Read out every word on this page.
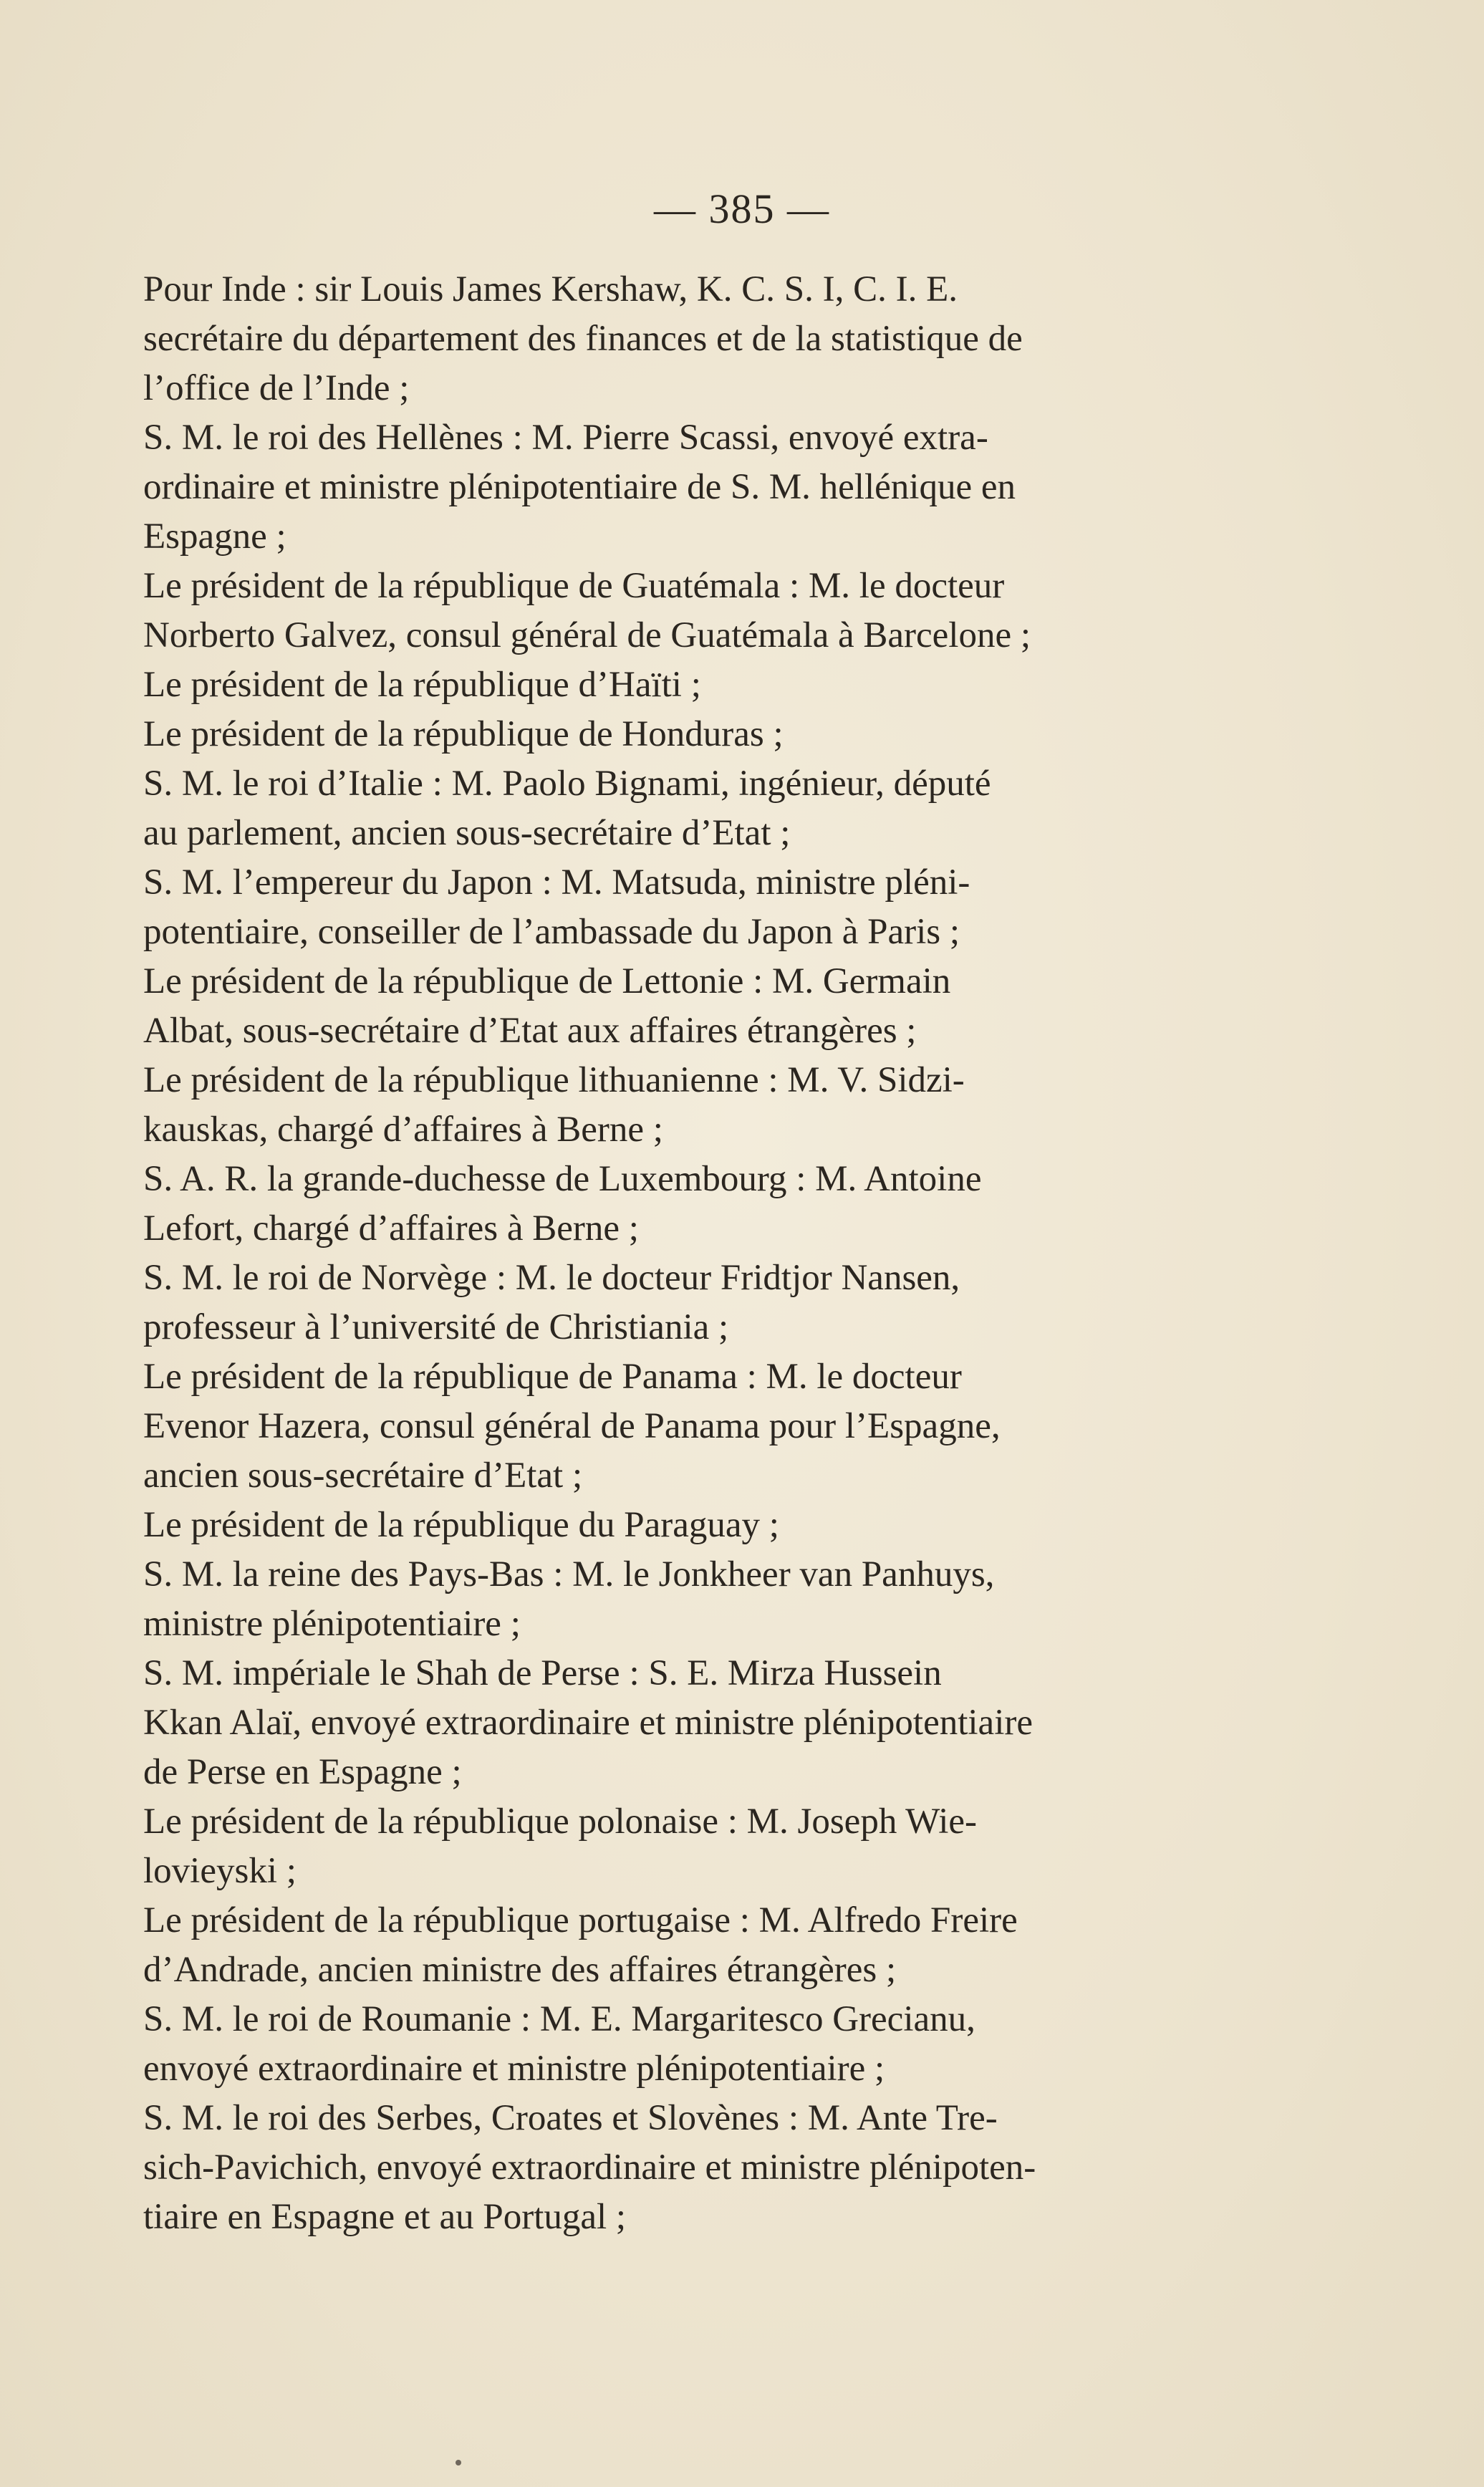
— 385 —

Pour Inde : sir Louis James Kershaw, K. C. S. I, C. I. E.

secrétaire du département des finances et de la statistique de

l’office de l’Inde ;

S. M. le roi des Hellènes : M. Pierre Scassi, envoyé extra-

ordinaire et ministre plénipotentiaire de S. M. hellénique en

Espagne ;

Le président de la république de Guatémala : M. le docteur

Norberto Galvez, consul général de Guatémala à Barcelone ;

Le président de la république d’Haïti ;

Le président de la république de Honduras ;

S. M. le roi d’Italie : M. Paolo Bignami, ingénieur, député

au parlement, ancien sous-secrétaire d’Etat ;

S. M. l’empereur du Japon : M. Matsuda, ministre pléni-

potentiaire, conseiller de l’ambassade du Japon à Paris ;

Le président de la république de Lettonie : M. Germain

Albat, sous-secrétaire d’Etat aux affaires étrangères ;

Le président de la république lithuanienne : M. V. Sidzi-

kauskas, chargé d’affaires à Berne ;

S. A. R. la grande-duchesse de Luxembourg : M. Antoine

Lefort, chargé d’affaires à Berne ;

S. M. le roi de Norvège : M. le docteur Fridtjor Nansen,

professeur à l’université de Christiania ;

Le président de la république de Panama : M. le docteur

Evenor Hazera, consul général de Panama pour l’Espagne,

ancien sous-secrétaire d’Etat ;

Le président de la république du Paraguay ;

S. M. la reine des Pays-Bas : M. le Jonkheer van Panhuys,

ministre plénipotentiaire ;

S. M. impériale le Shah de Perse : S. E. Mirza Hussein

Kkan Alaï, envoyé extraordinaire et ministre plénipotentiaire

de Perse en Espagne ;

Le président de la république polonaise : M. Joseph Wie-

lovieyski ;

Le président de la république portugaise : M. Alfredo Freire

d’Andrade, ancien ministre des affaires étrangères ;

S. M. le roi de Roumanie : M. E. Margaritesco Grecianu,

envoyé extraordinaire et ministre plénipotentiaire ;

S. M. le roi des Serbes, Croates et Slovènes : M. Ante Tre-

sich-Pavichich, envoyé extraordinaire et ministre plénipoten-

tiaire en Espagne et au Portugal ;
